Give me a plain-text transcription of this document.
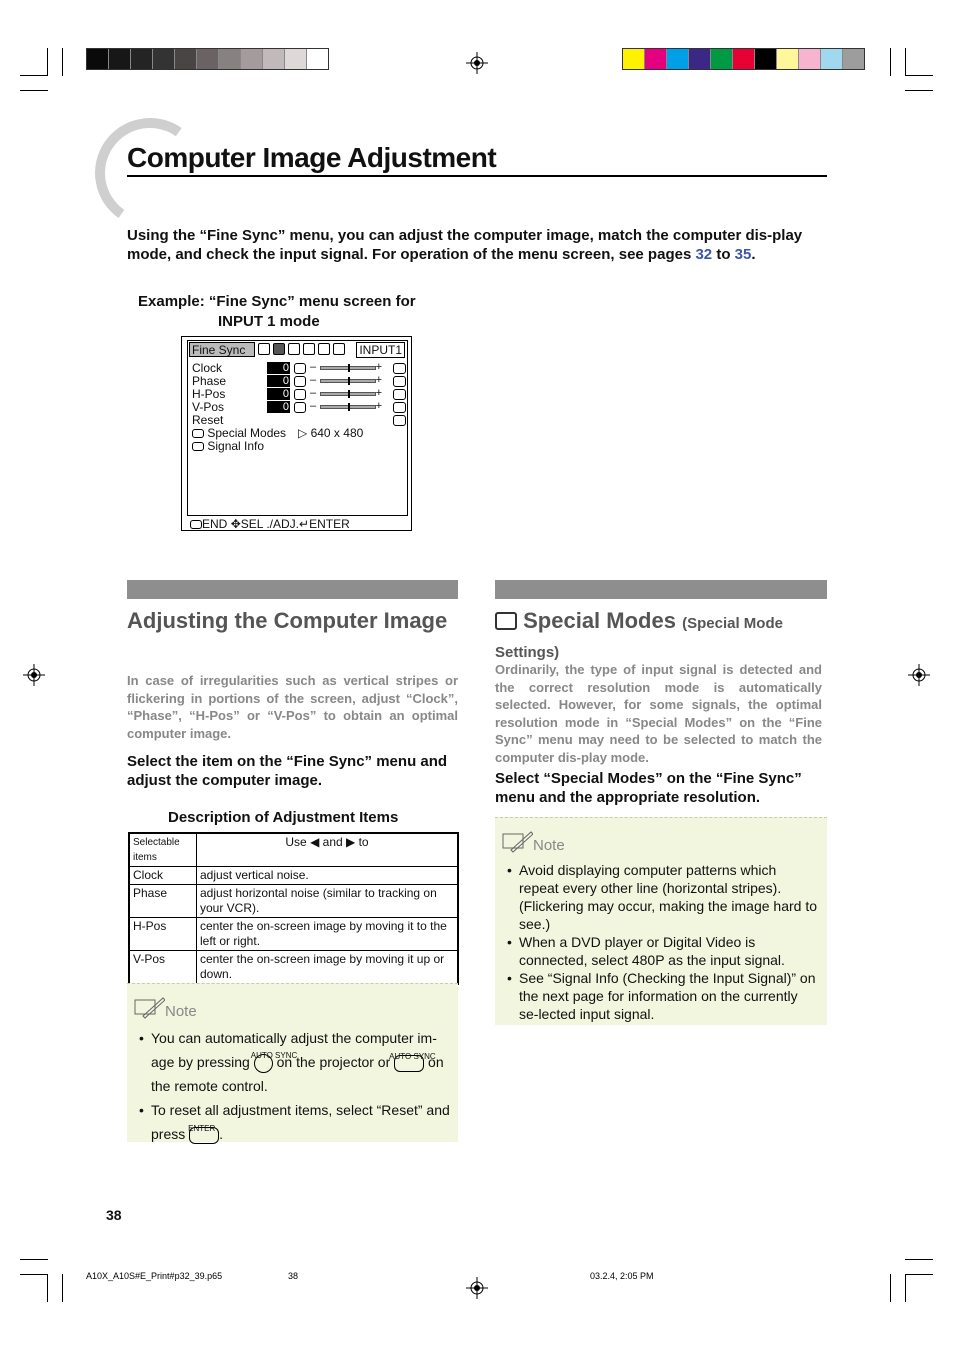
Computer Image Adjustment
Using the “Fine Sync” menu, you can adjust the computer image, match the computer dis-play mode, and check the input signal. For operation of the menu screen, see pages 32 to 35.
Example: “Fine Sync” menu screen for
INPUT 1 mode
Fine Sync	INPUT1
Clock	0 –	+
Phase	0 –	+
H-Pos	0 –	+
V-Pos	0 –	+
Reset
Special Modes ▷ 640 x 480
Signal Info
END ✥SEL ./ADJ.↵ENTER
Adjusting the Computer Image
In case of irregularities such as vertical stripes or flickering in portions of the screen, adjust “Clock”, “Phase”, “H-Pos” or “V-Pos” to obtain an optimal computer image.
Select the item on the “Fine Sync” menu and adjust the computer image.
Description of Adjustment Items
Selectable items	Use ◀ and ▶ to
Clock	adjust vertical noise.
Phase	adjust horizontal noise (similar to tracking on your VCR).
H-Pos	center the on-screen image by moving it to the left or right.
V-Pos	center the on-screen image by moving it up or down.
Note
• You can automatically adjust the computer im-age by pressing AUTO SYNC
on the projector or
AUTO SYNC
on the remote control.
• To reset all adjustment items, select “Reset” and press ENTER .
Special Modes (Special Mode Settings)
Ordinarily, the type of input signal is detected and the correct resolution mode is automatically selected. However, for some signals, the optimal resolution mode in “Special Modes” on the “Fine Sync” menu may need to be selected to match the computer dis-play mode.
Select “Special Modes” on the “Fine Sync” menu and the appropriate resolution.
Note
• Avoid displaying computer patterns which repeat every other line (horizontal stripes). (Flickering may occur, making the image hard to see.)
• When a DVD player or Digital Video is connected, select 480P as the input signal.
• See “Signal Info (Checking the Input Signal)” on the next page for information on the currently se-lected input signal.
38
A10X_A10S#E_Print#p32_39.p65	38	03.2.4, 2:05 PM
